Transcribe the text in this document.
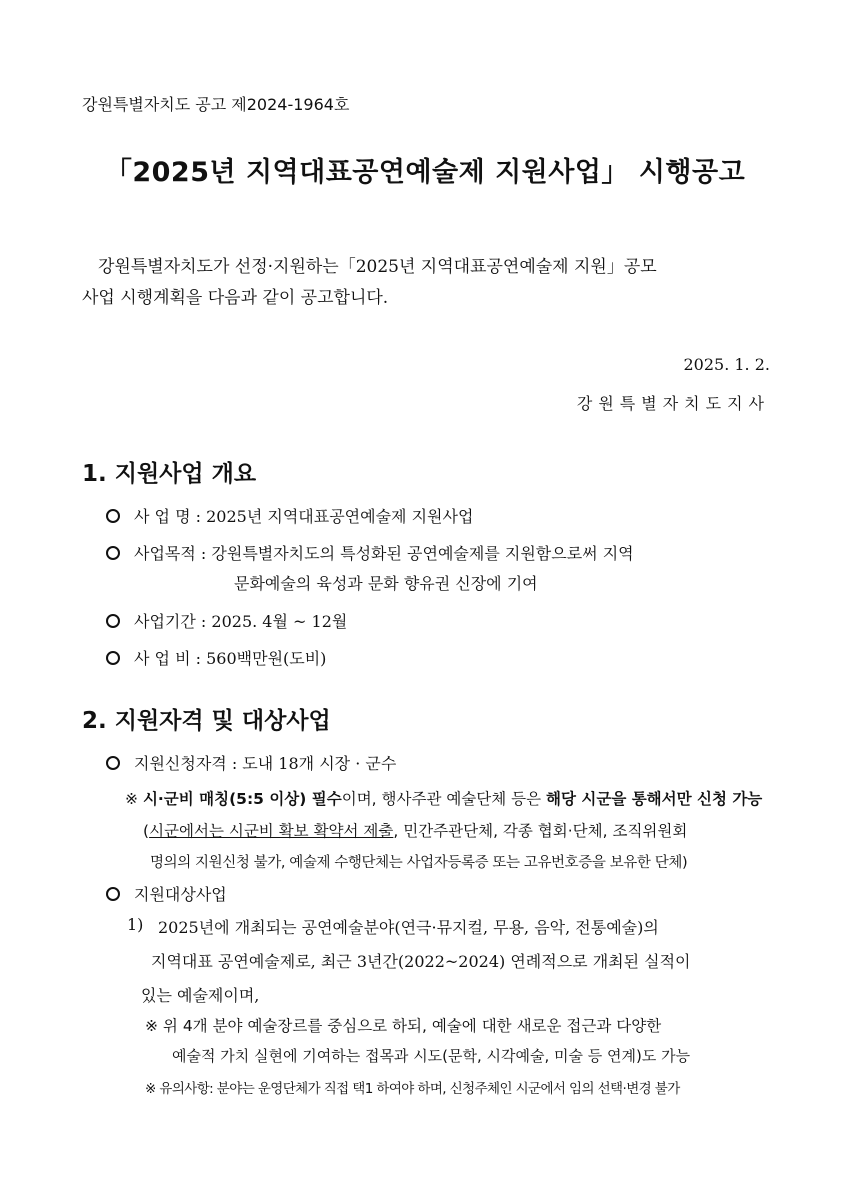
강원특별자치도 공고 제2024-1964호
「2025년 지역대표공연예술제 지원사업」 시행공고
강원특별자치도가 선정·지원하는「2025년 지역대표공연예술제 지원」공모
사업 시행계획을 다음과 같이 공고합니다.
2025. 1. 2.
강원특별자치도지사
1. 지원사업 개요
사 업 명 : 2025년 지역대표공연예술제 지원사업
사업목적 : 강원특별자치도의 특성화된 공연예술제를 지원함으로써 지역
문화예술의 육성과 문화 향유권 신장에 기여
사업기간 : 2025. 4월 ~ 12월
사 업 비 : 560백만원(도비)
2. 지원자격 및 대상사업
지원신청자격 : 도내 18개 시장 · 군수
※ 시·군비 매칭(5:5 이상) 필수이며, 행사주관 예술단체 등은 해당 시군을 통해서만 신청 가능
(시군에서는 시군비 확보 확약서 제출, 민간주관단체, 각종 협회·단체, 조직위원회
명의의 지원신청 불가, 예술제 수행단체는 사업자등록증 또는 고유번호증을 보유한 단체)
지원대상사업
1) 2025년에 개최되는 공연예술분야(연극·뮤지컬, 무용, 음악, 전통예술)의
지역대표 공연예술제로, 최근 3년간(2022~2024) 연례적으로 개최된 실적이
있는 예술제이며,
※ 위 4개 분야 예술장르를 중심으로 하되, 예술에 대한 새로운 접근과 다양한
예술적 가치 실현에 기여하는 접목과 시도(문학, 시각예술, 미술 등 연계)도 가능
※ 유의사항: 분야는 운영단체가 직접 택1 하여야 하며, 신청주체인 시군에서 임의 선택·변경 불가
